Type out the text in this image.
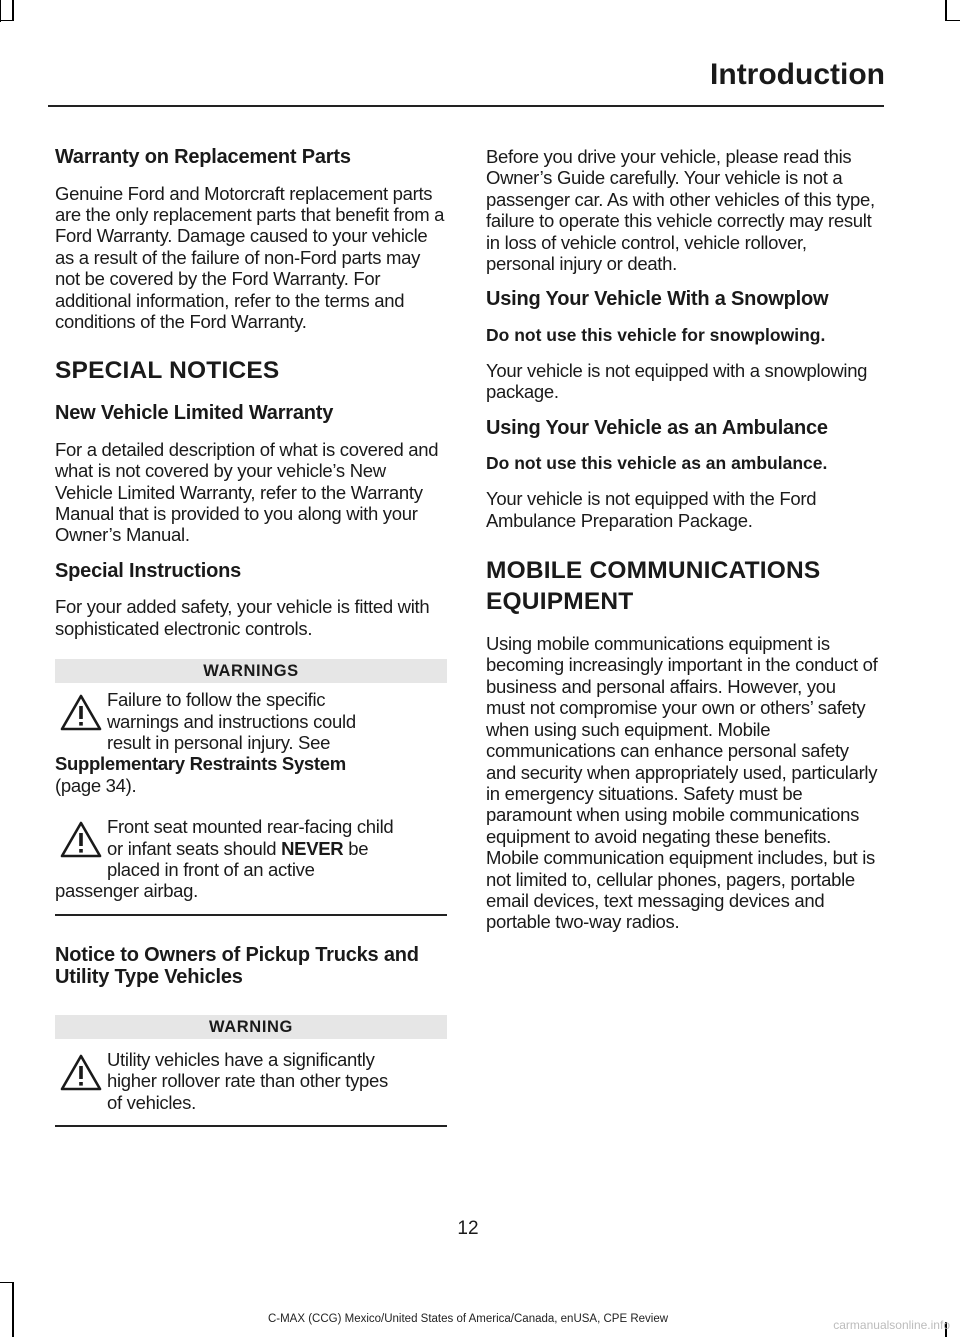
Introduction
Warranty on Replacement Parts

Genuine Ford and Motorcraft replacement parts are the only replacement parts that benefit from a Ford Warranty. Damage caused to your vehicle as a result of the failure of non-Ford parts may not be covered by the Ford Warranty. For additional information, refer to the terms and conditions of the Ford Warranty.

SPECIAL NOTICES
New Vehicle Limited Warranty

For a detailed description of what is covered and what is not covered by your vehicle’s New Vehicle Limited Warranty, refer to the Warranty Manual that is provided to you along with your Owner’s Manual.

Special Instructions

For your added safety, your vehicle is fitted with sophisticated electronic controls.

WARNINGS

Failure to follow the specific

warnings and instructions could
result in personal injury. See
Supplementary Restraints System
(page 34).

Front seat mounted rear-facing child

or infant seats should NEVER be
placed in front of an active
passenger airbag.

Notice to Owners of Pickup Trucks and Utility Type Vehicles
WARNING

Utility vehicles have a significantly

higher rollover rate than other types
of vehicles.

Before you drive your vehicle, please read this Owner’s Guide carefully. Your vehicle is not a passenger car. As with other vehicles of this type, failure to operate this vehicle correctly may result in loss of vehicle control, vehicle rollover, personal injury or death.

Using Your Vehicle With a Snowplow
Do not use this vehicle for snowplowing.

Your vehicle is not equipped with a snowplowing package.

Using Your Vehicle as an Ambulance
Do not use this vehicle as an ambulance.

Your vehicle is not equipped with the Ford Ambulance Preparation Package.

MOBILE COMMUNICATIONS
EQUIPMENT

Using mobile communications equipment is becoming increasingly important in the conduct of business and personal affairs. However, you must not compromise your own or others’ safety when using such equipment. Mobile communications can enhance personal safety and security when appropriately used, particularly in emergency situations. Safety must be paramount when using mobile communications equipment to avoid negating these benefits. Mobile communication equipment includes, but is not limited to, cellular phones, pagers, portable email devices, text messaging devices and portable two-way radios.

12
C-MAX (CCG) Mexico/United States of America/Canada, enUSA, CPE Review	carmanualsonline.info
